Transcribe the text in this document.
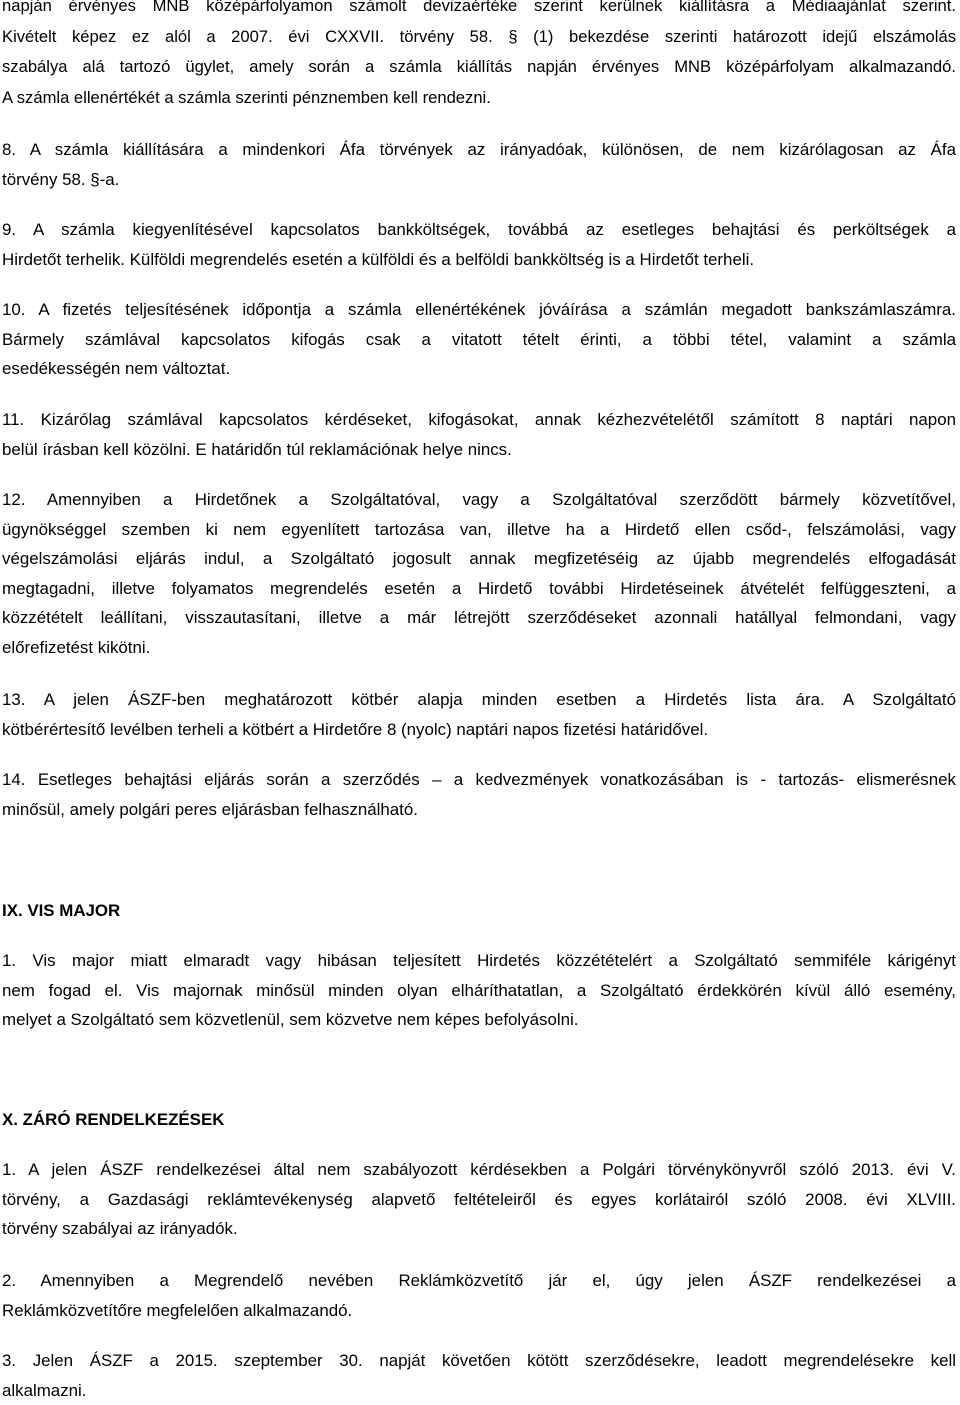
napján érvényes MNB középárfolyamon számolt devizaértéke szerint kerülnek kiállításra a Médiaajánlat szerint.
Kivételt képez ez alól a 2007. évi CXXVII. törvény 58. § (1) bekezdése szerinti határozott idejű elszámolás
szabálya alá tartozó ügylet, amely során a számla kiállítás napján érvényes MNB középárfolyam alkalmazandó.
A számla ellenértékét a számla szerinti pénznemben kell rendezni.
8. A számla kiállítására a mindenkori Áfa törvények az irányadóak, különösen, de nem kizárólagosan az Áfa
törvény 58. §-a.
9. A számla kiegyenlítésével kapcsolatos bankköltségek, továbbá az esetleges behajtási és perköltségek a
Hirdetőt terhelik. Külföldi megrendelés esetén a külföldi és a belföldi bankköltség is a Hirdetőt terheli.
10. A fizetés teljesítésének időpontja a számla ellenértékének jóváírása a számlán megadott bankszámlaszámra.
Bármely számlával kapcsolatos kifogás csak a vitatott tételt érinti, a többi tétel, valamint a számla
esedékességén nem változtat.
11. Kizárólag számlával kapcsolatos kérdéseket, kifogásokat, annak kézhezvételétől számított 8 naptári napon
belül írásban kell közölni. E határidőn túl reklamációnak helye nincs.
12. Amennyiben a Hirdetőnek a Szolgáltatóval, vagy a Szolgáltatóval szerződött bármely közvetítővel,
ügynökséggel szemben ki nem egyenlített tartozása van, illetve ha a Hirdető ellen csőd-, felszámolási, vagy
végelszámolási eljárás indul, a Szolgáltató jogosult annak megfizetéséig az újabb megrendelés elfogadását
megtagadni, illetve folyamatos megrendelés esetén a Hirdető további Hirdetéseinek átvételét felfüggeszteni, a
közzétételt leállítani, visszautasítani, illetve a már létrejött szerződéseket azonnali hatállyal felmondani, vagy
előrefizetést kikötni.
13. A jelen ÁSZF-ben meghatározott kötbér alapja minden esetben a Hirdetés lista ára. A Szolgáltató
kötbérértesítő levélben terheli a kötbért a Hirdetőre 8 (nyolc) naptári napos fizetési határidővel.
14. Esetleges behajtási eljárás során a szerződés – a kedvezmények vonatkozásában is - tartozás- elismerésnek
minősül, amely polgári peres eljárásban felhasználható.
IX. VIS MAJOR
1. Vis major miatt elmaradt vagy hibásan teljesített Hirdetés közzétételért a Szolgáltató semmiféle kárigényt
nem fogad el. Vis majornak minősül minden olyan elháríthatatlan, a Szolgáltató érdekkörén kívül álló esemény,
melyet a Szolgáltató sem közvetlenül, sem közvetve nem képes befolyásolni.
X. ZÁRÓ RENDELKEZÉSEK
1. A jelen ÁSZF rendelkezései által nem szabályozott kérdésekben a Polgári törvénykönyvről szóló 2013. évi V.
törvény, a Gazdasági reklámtevékenység alapvető feltételeiről és egyes korlátairól szóló 2008. évi XLVIII.
törvény szabályai az irányadók.
2. Amennyiben a Megrendelő nevében Reklámközvetítő jár el, úgy jelen ÁSZF rendelkezései a
Reklámközvetítőre megfelelően alkalmazandó.
3. Jelen ÁSZF a 2015. szeptember 30. napját követően kötött szerződésekre, leadott megrendelésekre kell
alkalmazni.
